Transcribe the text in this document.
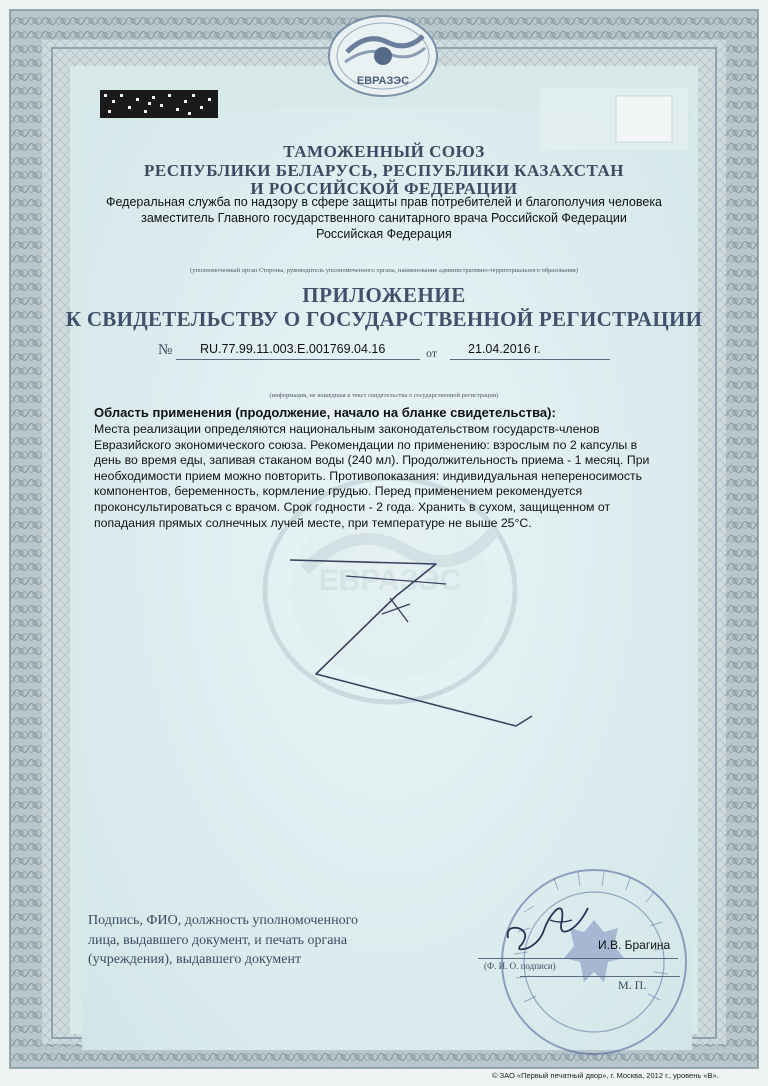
ЕВРАЗЭС
ЕВРАЗЭС
ТАМОЖЕННЫЙ СОЮЗ
РЕСПУБЛИКИ БЕЛАРУСЬ, РЕСПУБЛИКИ КАЗАХСТАН
И РОССИЙСКОЙ ФЕДЕРАЦИИ
Федеральная служба по надзору в сфере защиты прав потребителей и благополучия человека
заместитель Главного государственного санитарного врача Российской Федерации
Российская Федерация
(уполномоченный орган Стороны, руководитель уполномоченного органа, наименование административно-территориального образования)
ПРИЛОЖЕНИЕ
К СВИДЕТЕЛЬСТВУ О ГОСУДАРСТВЕННОЙ РЕГИСТРАЦИИ
№ RU.77.99.11.003.E.001769.04.16	от 21.04.2016 г.
(информация, не вошедшая в текст свидетельства о государственной регистрации)
Область применения (продолжение, начало на бланке свидетельства):
Места реализации определяются национальным законодательством государств-членов
Евразийского экономического союза. Рекомендации по применению: взрослым по 2 капсулы в
день во время еды, запивая стаканом воды (240 мл). Продолжительность приема - 1 месяц. При
необходимости прием можно повторить. Противопоказания: индивидуальная непереносимость
компонентов, беременность, кормление грудью. Перед применением рекомендуется
проконсультироваться с врачом. Срок годности - 2 года. Хранить в сухом, защищенном от
попадания прямых солнечных лучей месте, при температуре не выше 25°С.
Подпись, ФИО, должность уполномоченного
лица, выдавшего документ, и печать органа
(учреждения), выдавшего документ
И.В. Брагина
(Ф. И. О. подписи)
М. П.
© ЗАО «Первый печатный двор», г. Москва, 2012 г., уровень «В».
